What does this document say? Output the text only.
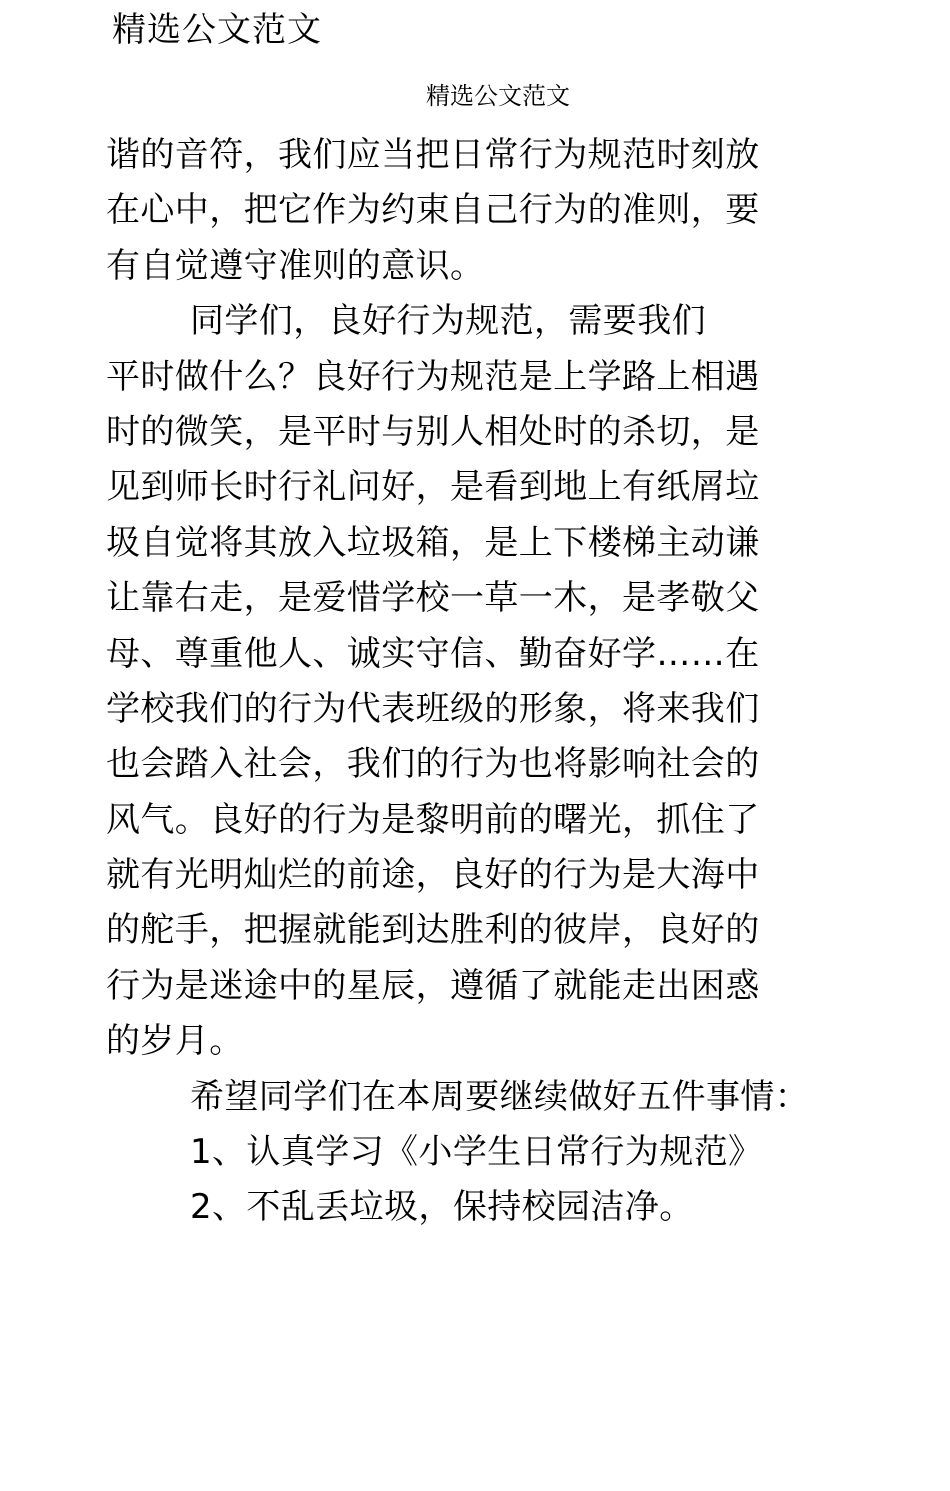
精选公文范文
精选公文范文
谐的音符，我们应当把日常行为规范时刻放
在心中，把它作为约束自己行为的准则，要
有自觉遵守准则的意识。
同学们，良好行为规范，需要我们
平时做什么？良好行为规范是上学路上相遇
时的微笑，是平时与别人相处时的杀切，是
见到师长时行礼问好，是看到地上有纸屑垃
圾自觉将其放入垃圾箱，是上下楼梯主动谦
让靠右走，是爱惜学校一草一木，是孝敬父
母、尊重他人、诚实守信、勤奋好学……在
学校我们的行为代表班级的形象，将来我们
也会踏入社会，我们的行为也将影响社会的
风气。良好的行为是黎明前的曙光，抓住了
就有光明灿烂的前途，良好的行为是大海中
的舵手，把握就能到达胜利的彼岸，良好的
行为是迷途中的星辰，遵循了就能走出困惑
的岁月。
希望同学们在本周要继续做好五件事情：
1、认真学习《小学生日常行为规范》
2、不乱丢垃圾，保持校园洁净。
